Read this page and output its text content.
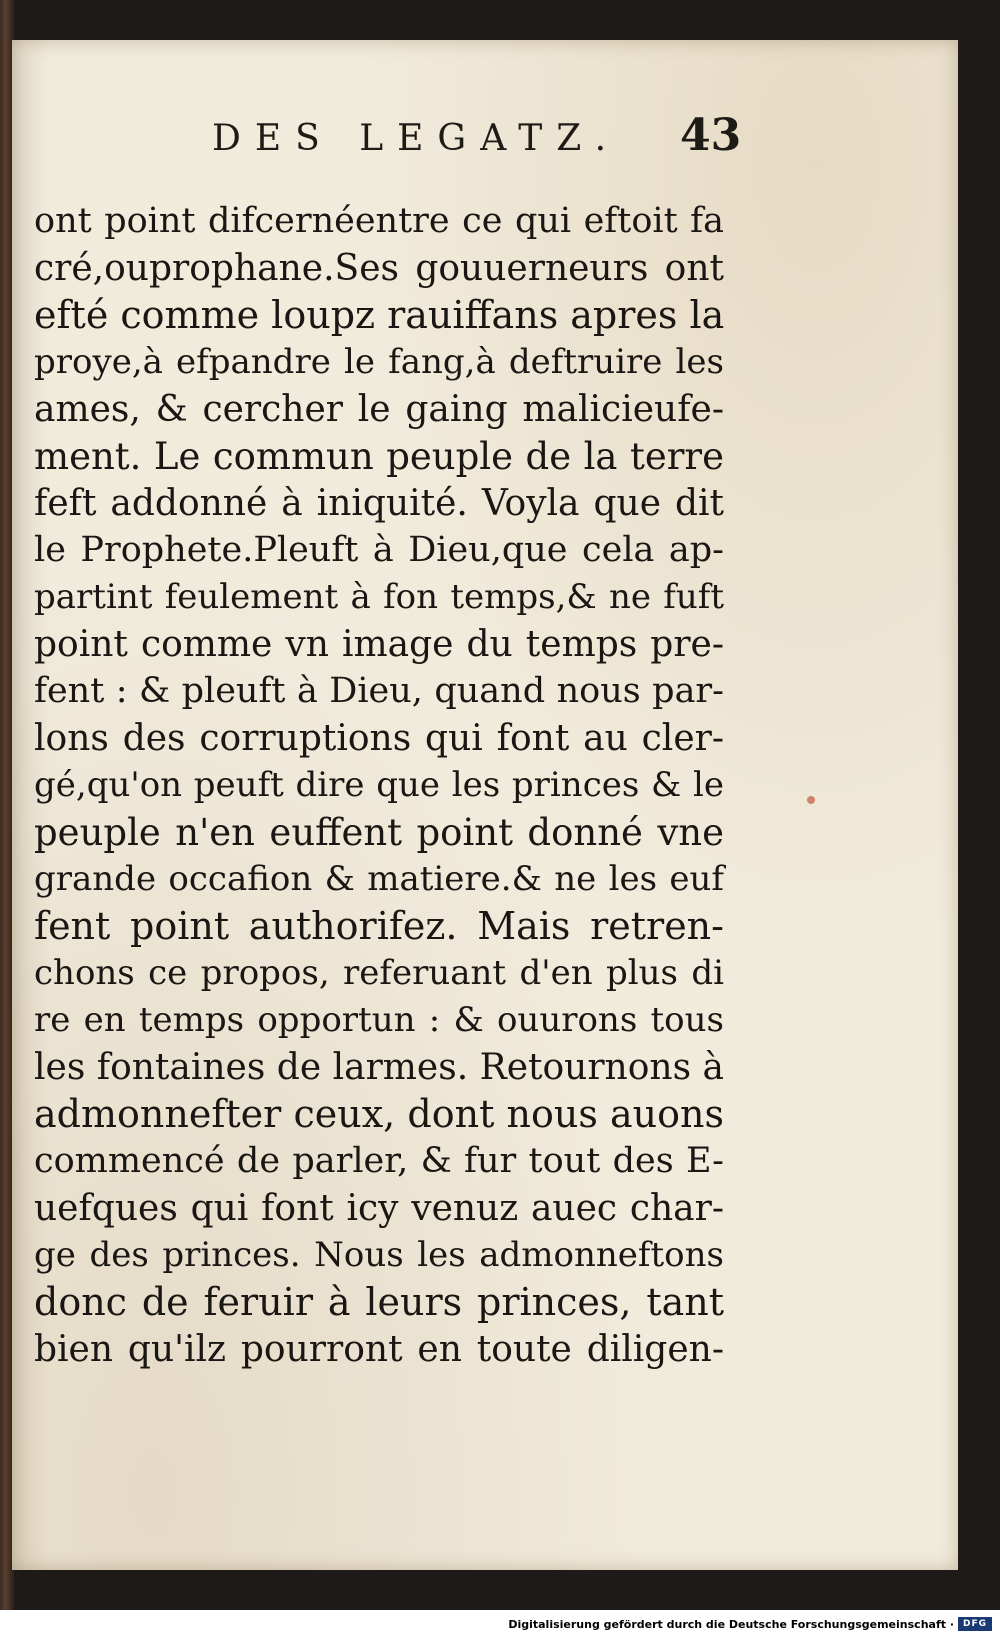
DES LEGATZ. 43
ont point difcernéentre ce qui eftoit fa
cré,ouprophane.Ses gouuerneurs ont
efté comme loupz rauiffans apres la
proye,à efpandre le fang,à deftruire les
ames, & cercher le gaing malicieufe-
ment. Le commun peuple de la terre
feft addonné à iniquité. Voyla que dit
le Prophete.Pleuft à Dieu,que cela ap-
partint feulement à fon temps,& ne fuft
point comme vn image du temps pre-
fent : & pleuft à Dieu, quand nous par-
lons des corruptions qui font au cler-
gé,qu'on peuft dire que les princes & le
peuple n'en euffent point donné vne
grande occafion & matiere.& ne les euf
fent point authorifez. Mais retren-
chons ce propos, referuant d'en plus di
re en temps opportun : & ouurons tous
les fontaines de larmes. Retournons à
admonnefter ceux, dont nous auons
commencé de parler, & fur tout des E-
uefques qui font icy venuz auec char-
ge des princes. Nous les admonneftons
donc de feruir à leurs princes, tant
bien qu'ilz pourront en toute diligen-
Digitalisierung gefördert durch die Deutsche Forschungsgemeinschaft · DFG
